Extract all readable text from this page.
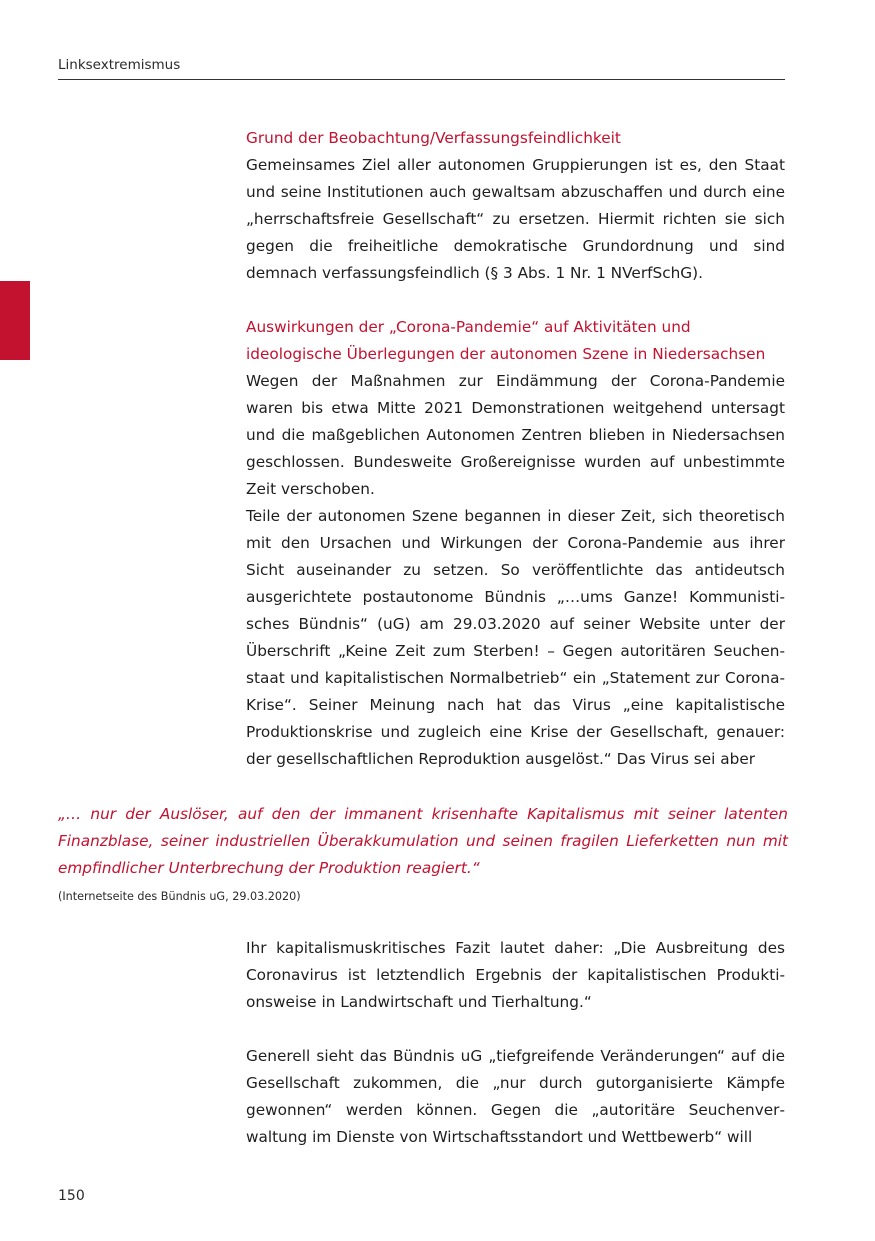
Linksextremismus

Grund der Beobachtung/Verfassungsfeindlichkeit

Gemeinsames Ziel aller autonomen Gruppierungen ist es, den Staat und seine Institutionen auch gewaltsam abzuschaffen und durch eine „herrschaftsfreie Gesellschaft“ zu ersetzen. Hiermit richten sie sich gegen die freiheitliche demokratische Grundordnung und sind demnach verfassungsfeindlich (§ 3 Abs. 1 Nr. 1 NVerfSchG).

Auswirkungen der „Corona-Pandemie“ auf Aktivitäten und

ideologische Überlegungen der autonomen Szene in Niedersachsen

Wegen der Maßnahmen zur Eindämmung der Corona-Pandemie waren bis etwa Mitte 2021 Demonstrationen weitgehend untersagt und die maßgeblichen Autonomen Zentren blieben in Niedersachsen geschlossen. Bundesweite Großereignisse wurden auf unbestimmte Zeit verschoben.

Teile der autonomen Szene begannen in dieser Zeit, sich theoretisch mit den Ursachen und Wirkungen der Corona-Pandemie aus ihrer Sicht auseinander zu setzen. So veröffentlichte das antideutsch ausgerichtete postautonome Bündnis „…ums Ganze! Kommunistisches Bündnis“ (uG) am 29.03.2020 auf seiner Website unter der Überschrift „Keine Zeit zum Sterben! – Gegen autoritären Seuchenstaat und kapitalistischen Normalbetrieb“ ein „Statement zur Corona-Krise“. Seiner Meinung nach hat das Virus „eine kapitalistische Produktionskrise und zugleich eine Krise der Gesellschaft, genauer: der gesellschaftlichen Reproduktion ausgelöst.“ Das Virus sei aber

„… nur der Auslöser, auf den der immanent krisenhafte Kapitalismus mit seiner latenten Finanzblase, seiner industriellen Überakkumulation und seinen fragilen Lieferketten nun mit empfindlicher Unterbrechung der Produktion reagiert.“
(Internetseite des Bündnis uG, 29.03.2020)

Ihr kapitalismuskritisches Fazit lautet daher: „Die Ausbreitung des Coronavirus ist letztendlich Ergebnis der kapitalistischen Produktionsweise in Landwirtschaft und Tierhaltung.“

Generell sieht das Bündnis uG „tiefgreifende Veränderungen“ auf die Gesellschaft zukommen, die „nur durch gutorganisierte Kämpfe gewonnen“ werden können. Gegen die „autoritäre Seuchenverwaltung im Dienste von Wirtschaftsstandort und Wettbewerb“ will

150
